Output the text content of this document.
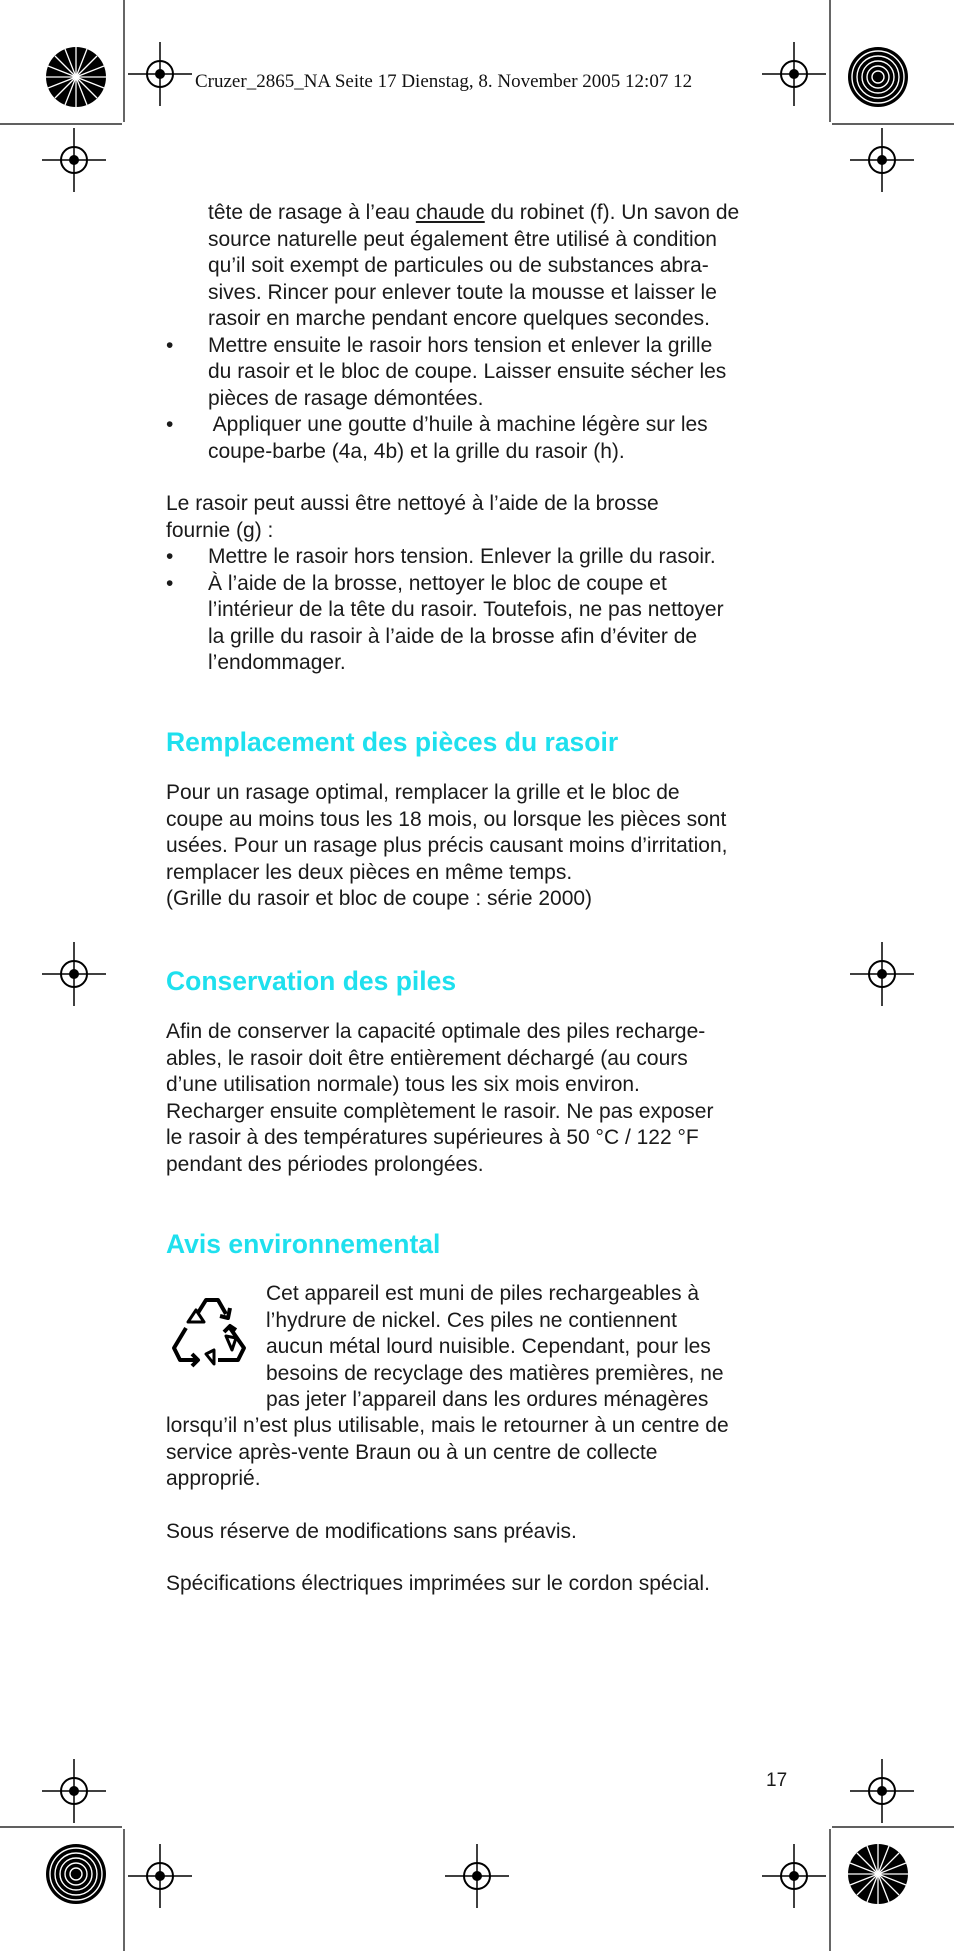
Cruzer_2865_NA Seite 17 Dienstag, 8. November 2005 12:07 12

tête de rasage à l’eau chaude du robinet (f). Un savon de

source naturelle peut également être utilisé à condition

qu’il soit exempt de particules ou de substances abra-

sives. Rincer pour enlever toute la mousse et laisser le

rasoir en marche pendant encore quelques secondes.

• Mettre ensuite le rasoir hors tension et enlever la grille

du rasoir et le bloc de coupe. Laisser ensuite sécher les

pièces de rasage démontées.

• Appliquer une goutte d’huile à machine légère sur les

coupe-barbe (4a, 4b) et la grille du rasoir (h).

Le rasoir peut aussi être nettoyé à l’aide de la brosse

fournie (g) :

• Mettre le rasoir hors tension. Enlever la grille du rasoir.

• À l’aide de la brosse, nettoyer le bloc de coupe et

l’intérieur de la tête du rasoir. Toutefois, ne pas nettoyer

la grille du rasoir à l’aide de la brosse afin d’éviter de

l’endommager.

Remplacement des pièces du rasoir

Pour un rasage optimal, remplacer la grille et le bloc de

coupe au moins tous les 18 mois, ou lorsque les pièces sont

usées. Pour un rasage plus précis causant moins d’irritation,

remplacer les deux pièces en même temps.

(Grille du rasoir et bloc de coupe : série 2000)

Conservation des piles

Afin de conserver la capacité optimale des piles recharge-

ables, le rasoir doit être entièrement déchargé (au cours

d’une utilisation normale) tous les six mois environ.

Recharger ensuite complètement le rasoir. Ne pas exposer

le rasoir à des températures supérieures à 50 °C / 122 °F

pendant des périodes prolongées.

Avis environnemental

Cet appareil est muni de piles rechargeables à

l’hydrure de nickel. Ces piles ne contiennent

aucun métal lourd nuisible. Cependant, pour les

besoins de recyclage des matières premières, ne

pas jeter l’appareil dans les ordures ménagères

lorsqu’il n’est plus utilisable, mais le retourner à un centre de

service après-vente Braun ou à un centre de collecte

approprié.

Sous réserve de modifications sans préavis.

Spécifications électriques imprimées sur le cordon spécial.

17
